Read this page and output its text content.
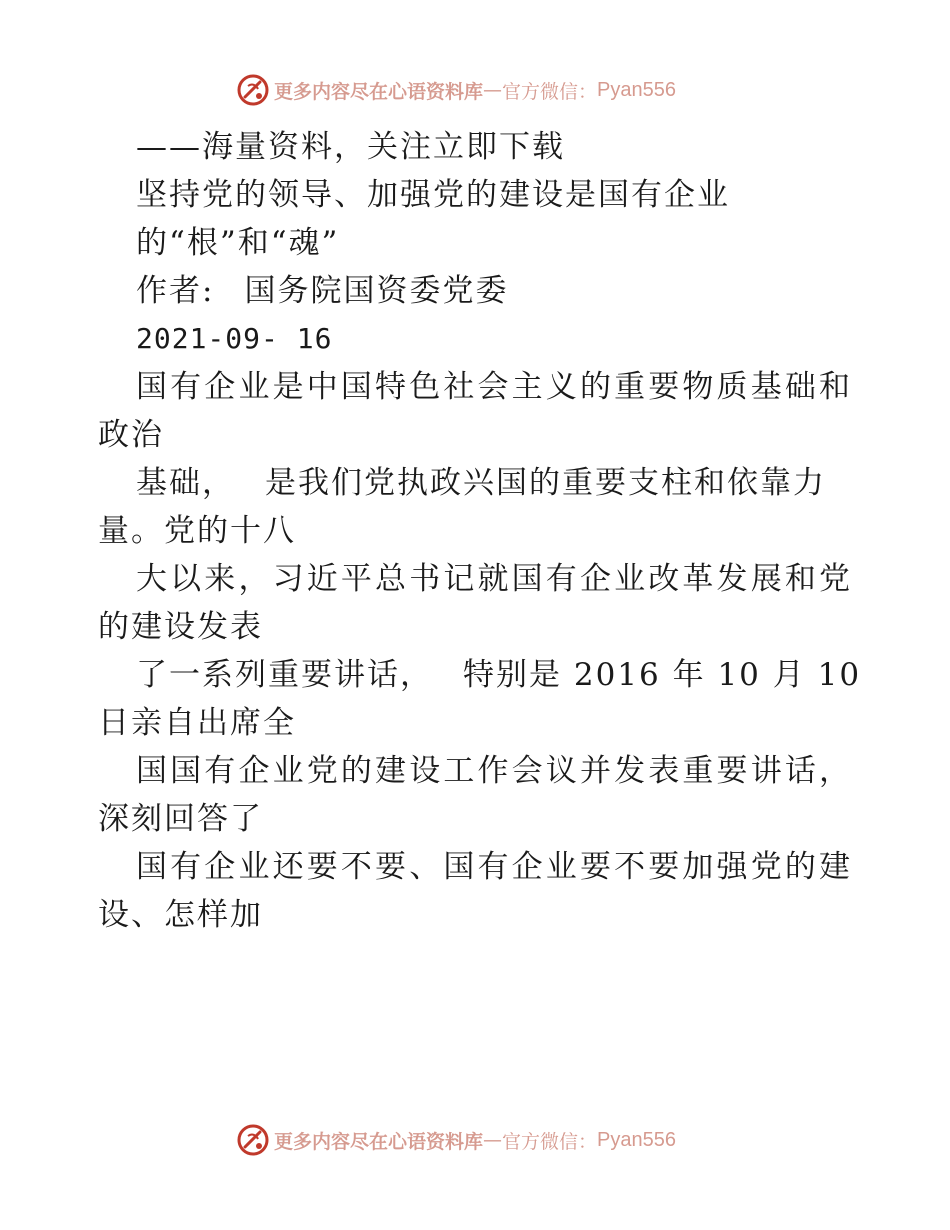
更多内容尽在心语资料库 — 官方微信： Pyan556
——海量资料，关注立即下载
坚持党的领导、加强党的建设是国有企业
的“根”和“魂”
作者: 国务院国资委党委
2021-09- 16
国有企业是中国特色社会主义的重要物质基础和
政治
基础， 是我们党执政兴国的重要支柱和依靠力
量。党的十八
大以来，习近平总书记就国有企业改革发展和党
的建设发表
了一系列重要讲话， 特别是 2016 年 10 月 10
日亲自出席全
国国有企业党的建设工作会议并发表重要讲话，
深刻回答了
国有企业还要不要、国有企业要不要加强党的建
设、怎样加
更多内容尽在心语资料库 — 官方微信： Pyan556
